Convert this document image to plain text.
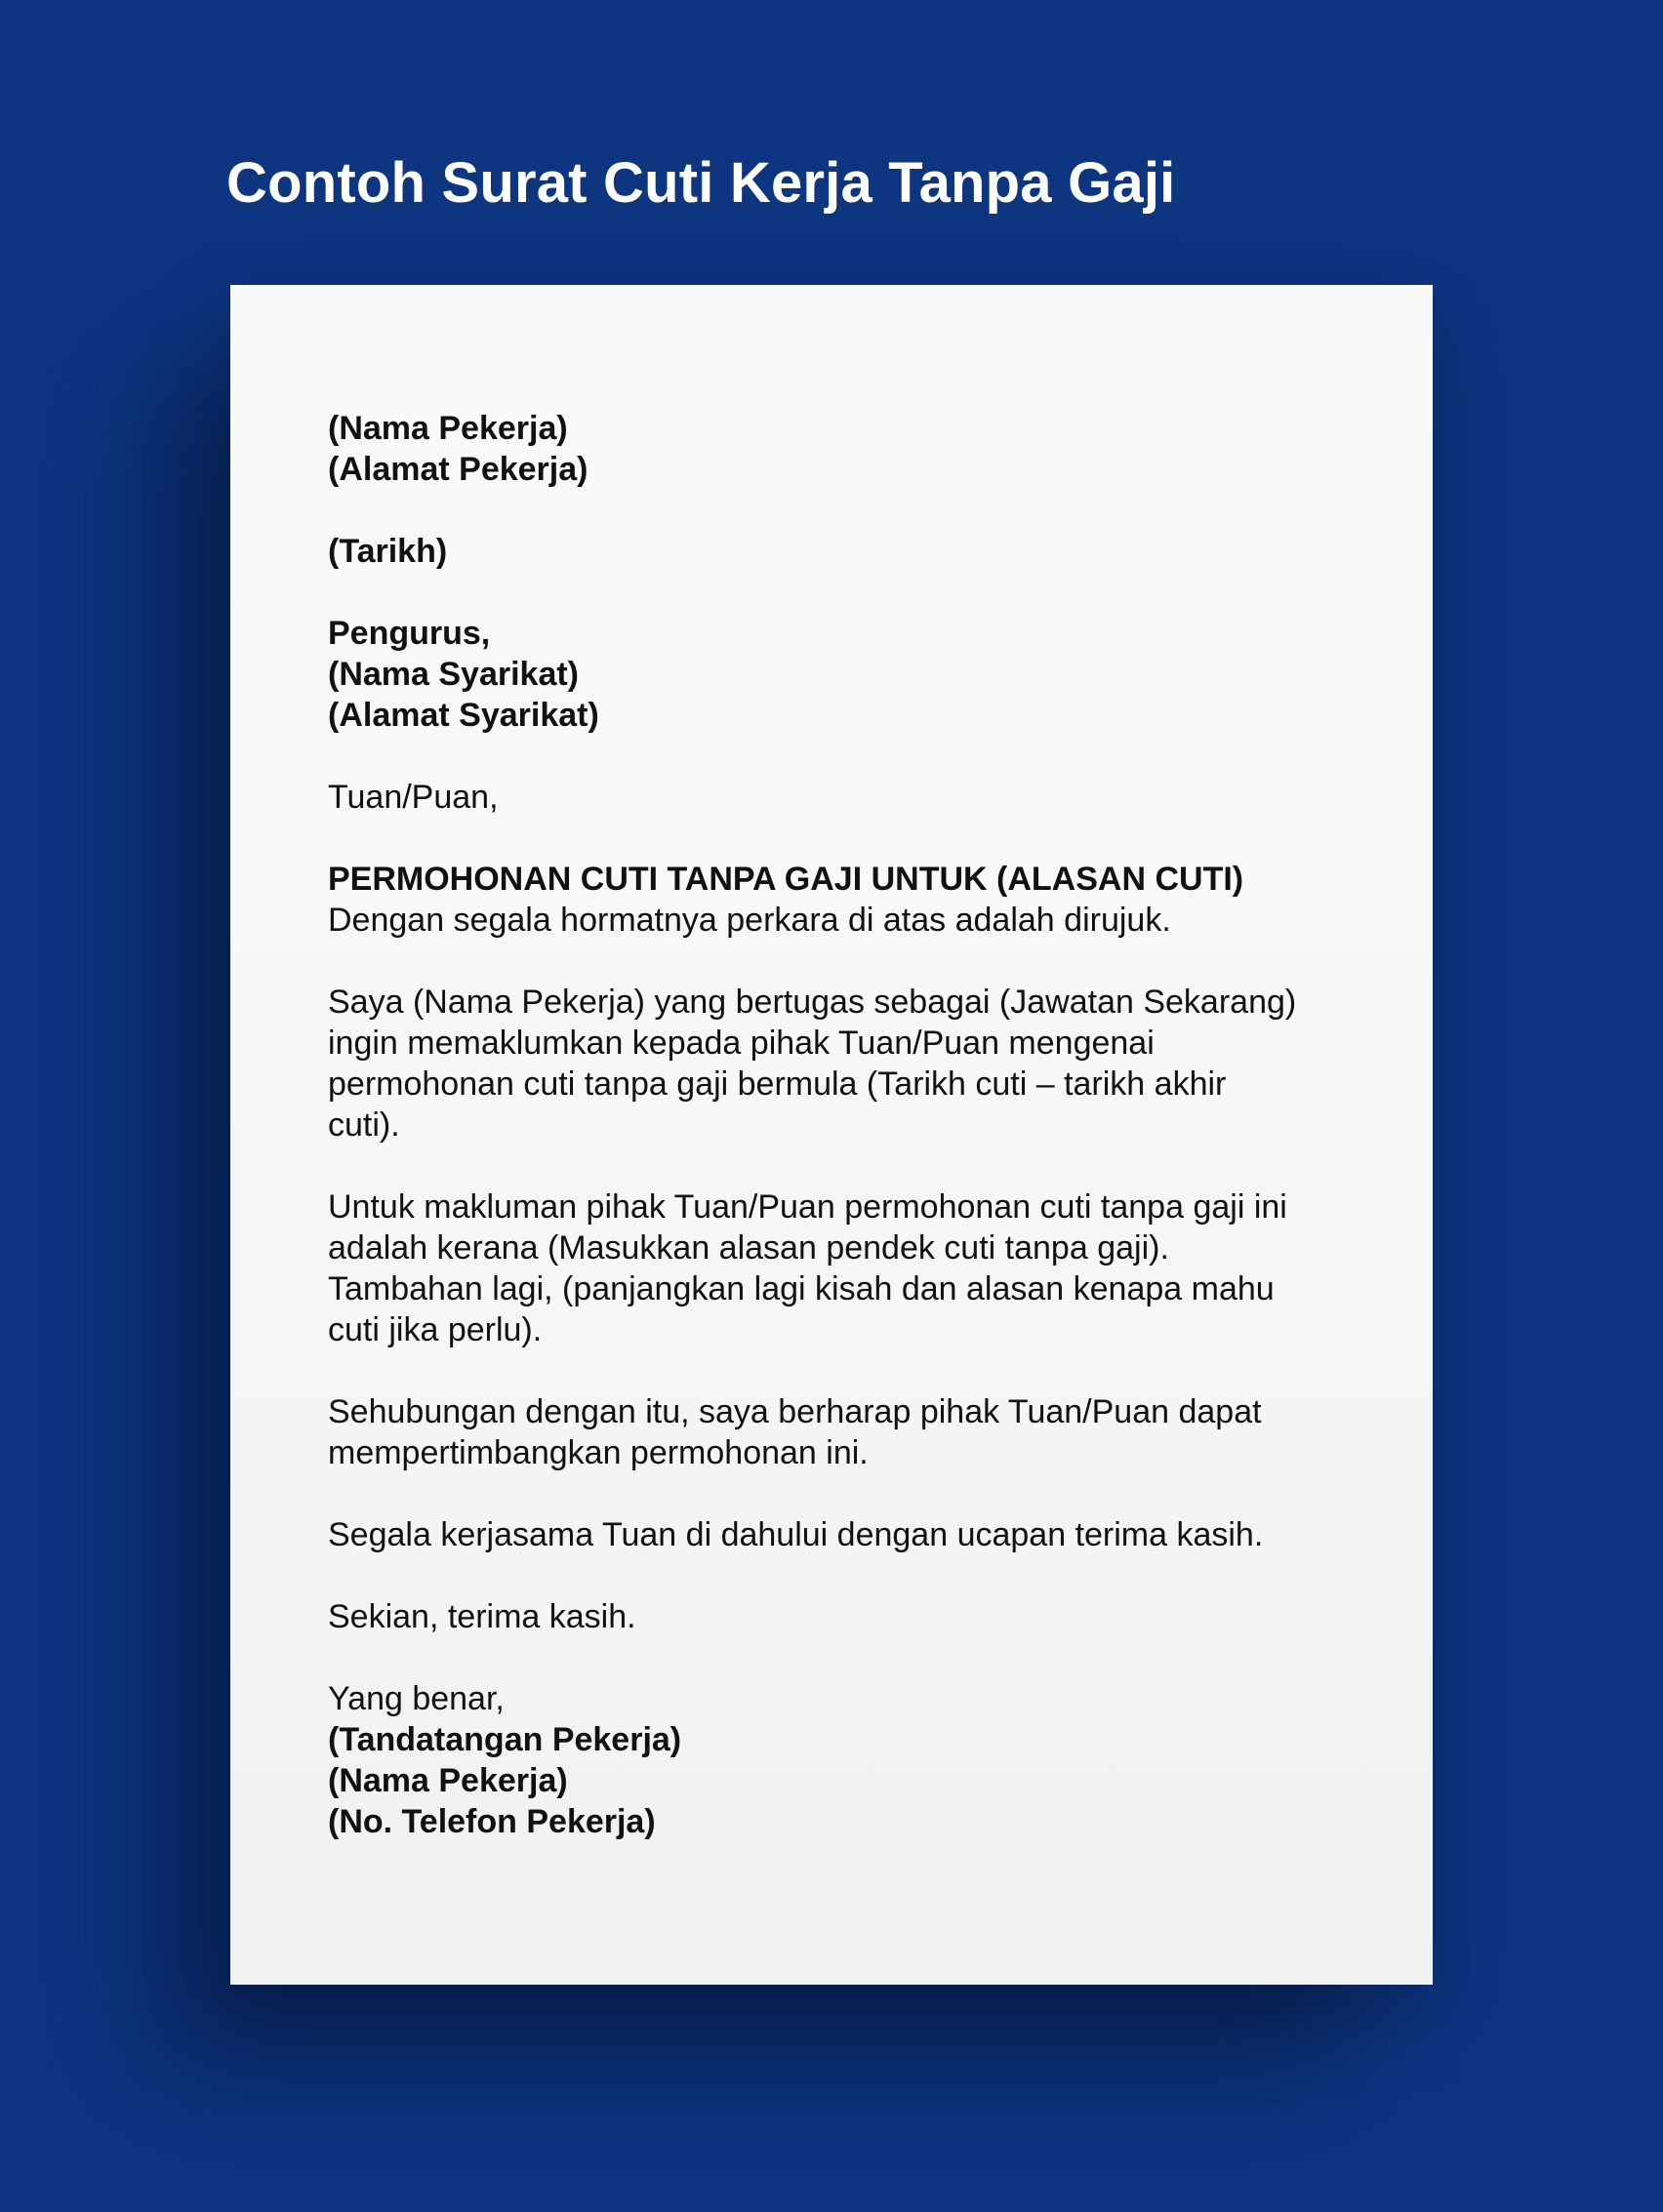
Contoh Surat Cuti Kerja Tanpa Gaji
(Nama Pekerja)
(Alamat Pekerja)
(Tarikh)
Pengurus,
(Nama Syarikat)
(Alamat Syarikat)
Tuan/Puan,
PERMOHONAN CUTI TANPA GAJI UNTUK (ALASAN CUTI)
Dengan segala hormatnya perkara di atas adalah dirujuk.
Saya (Nama Pekerja) yang bertugas sebagai (Jawatan Sekarang)
ingin memaklumkan kepada pihak Tuan/Puan mengenai
permohonan cuti tanpa gaji bermula (Tarikh cuti – tarikh akhir
cuti).
Untuk makluman pihak Tuan/Puan permohonan cuti tanpa gaji ini
adalah kerana (Masukkan alasan pendek cuti tanpa gaji).
Tambahan lagi, (panjangkan lagi kisah dan alasan kenapa mahu
cuti jika perlu).
Sehubungan dengan itu, saya berharap pihak Tuan/Puan dapat
mempertimbangkan permohonan ini.
Segala kerjasama Tuan di dahului dengan ucapan terima kasih.
Sekian, terima kasih.
Yang benar,
(Tandatangan Pekerja)
(Nama Pekerja)
(No. Telefon Pekerja)
